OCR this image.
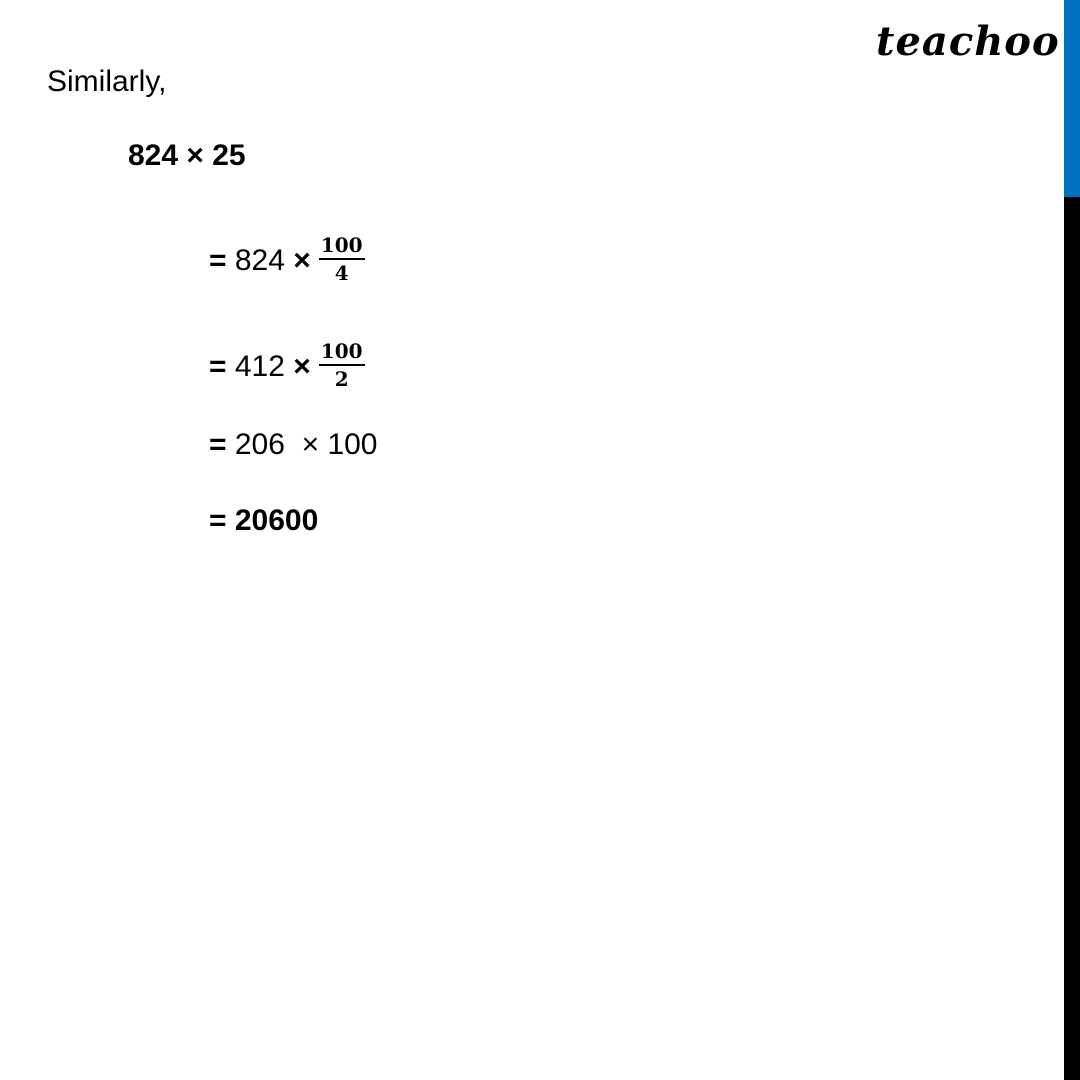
teachoo
Similarly,
824 × 25
= $824 \times \frac{100}{4}$
= $412 \times \frac{100}{2}$
= 206  × 100
= 20600
